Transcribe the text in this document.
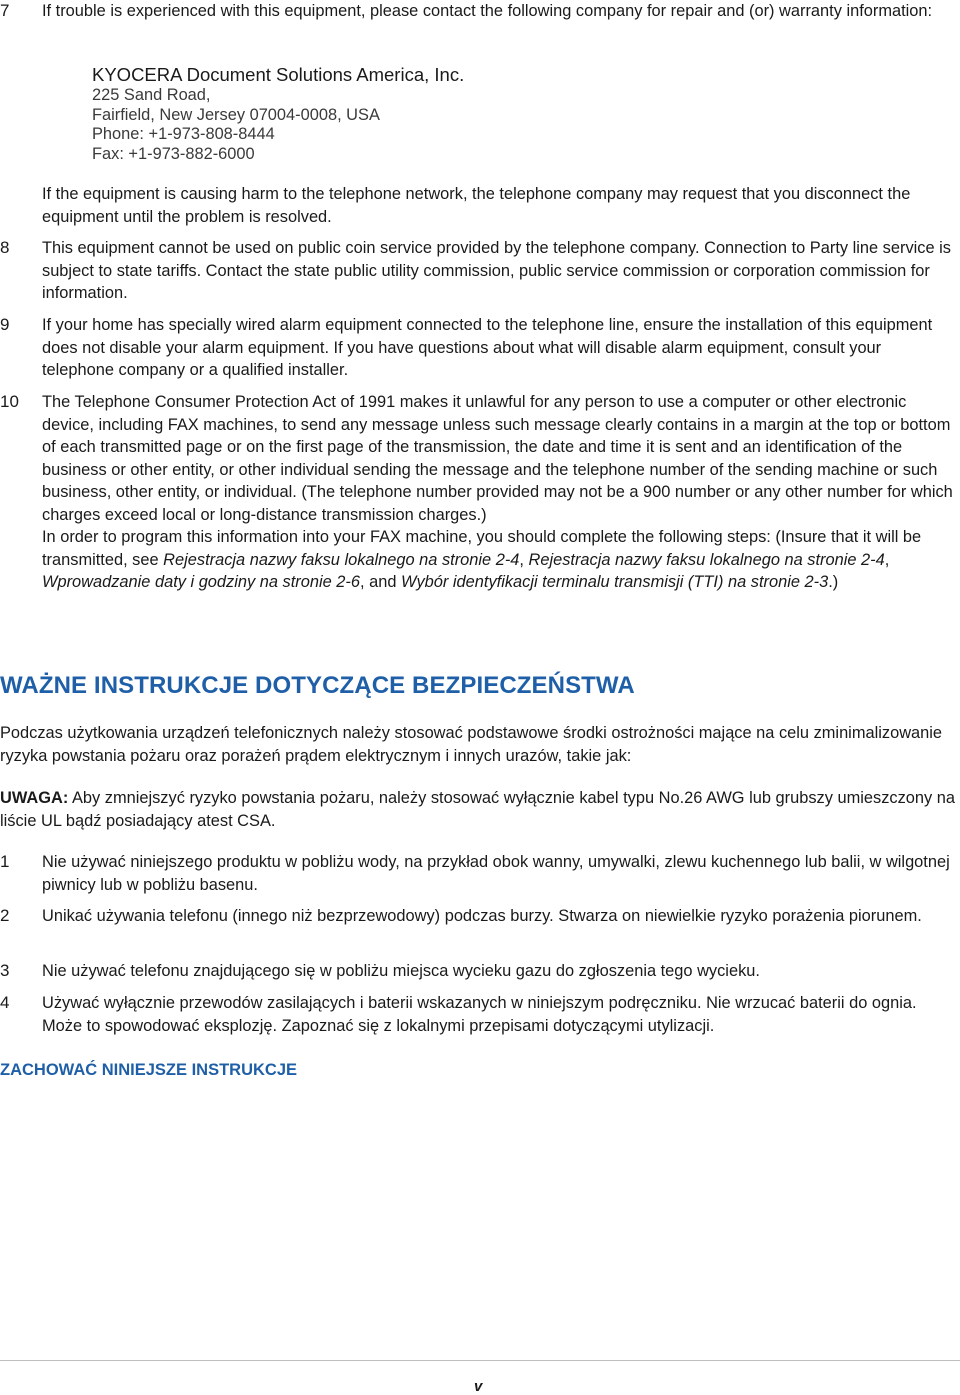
7 If trouble is experienced with this equipment, please contact the following company for repair and (or) warranty information:

KYOCERA Document Solutions America, Inc.
225 Sand Road,
Fairfield, New Jersey 07004-0008, USA
Phone: +1-973-808-8444
Fax: +1-973-882-6000

If the equipment is causing harm to the telephone network, the telephone company may request that you disconnect the equipment until the problem is resolved.

8 This equipment cannot be used on public coin service provided by the telephone company. Connection to Party line service is subject to state tariffs. Contact the state public utility commission, public service commission or corporation commission for information.

9 If your home has specially wired alarm equipment connected to the telephone line, ensure the installation of this equipment does not disable your alarm equipment. If you have questions about what will disable alarm equipment, consult your telephone company or a qualified installer.

10 The Telephone Consumer Protection Act of 1991 makes it unlawful for any person to use a computer or other electronic device, including FAX machines, to send any message unless such message clearly contains in a margin at the top or bottom of each transmitted page or on the first page of the transmission, the date and time it is sent and an identification of the business or other entity, or other individual sending the message and the telephone number of the sending machine or such business, other entity, or individual. (The telephone number provided may not be a 900 number or any other number for which charges exceed local or long-distance transmission charges.)

In order to program this information into your FAX machine, you should complete the following steps: (Insure that it will be transmitted, see Rejestracja nazwy faksu lokalnego na stronie 2-4, Rejestracja nazwy faksu lokalnego na stronie 2-4, Wprowadzanie daty i godziny na stronie 2-6, and Wybór identyfikacji terminalu transmisji (TTI) na stronie 2-3.)

WAŻNE INSTRUKCJE DOTYCZĄCE BEZPIECZEŃSTWA
Podczas użytkowania urządzeń telefonicznych należy stosować podstawowe środki ostrożności mające na celu zminimalizowanie ryzyka powstania pożaru oraz porażeń prądem elektrycznym i innych urazów, takie jak:
UWAGA: Aby zmniejszyć ryzyko powstania pożaru, należy stosować wyłącznie kabel typu No.26 AWG lub grubszy umieszczony na liście UL bądź posiadający atest CSA.
1 Nie używać niniejszego produktu w pobliżu wody, na przykład obok wanny, umywalki, zlewu kuchennego lub balii, w wilgotnej piwnicy lub w pobliżu basenu.

2 Unikać używania telefonu (innego niż bezprzewodowy) podczas burzy. Stwarza on niewielkie ryzyko porażenia piorunem.

3 Nie używać telefonu znajdującego się w pobliżu miejsca wycieku gazu do zgłoszenia tego wycieku.

4 Używać wyłącznie przewodów zasilających i baterii wskazanych w niniejszym podręczniku. Nie wrzucać baterii do ognia. Może to spowodować eksplozję. Zapoznać się z lokalnymi przepisami dotyczącymi utylizacji.

ZACHOWAĆ NINIEJSZE INSTRUKCJE
v
